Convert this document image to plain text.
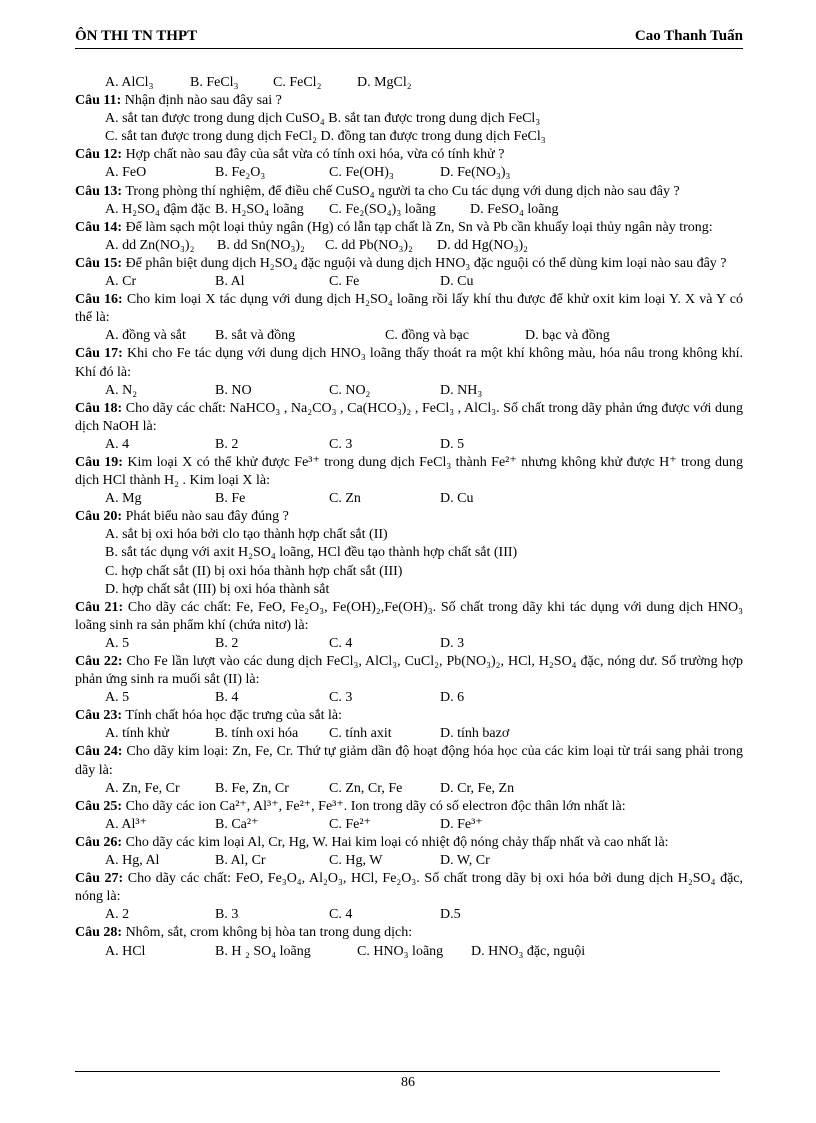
ÔN THI TN THPT	Cao Thanh Tuấn
A. AlCl₃	B. FeCl₃ C. FeCl₂	D. MgCl₂
Câu 11: Nhận định nào sau đây sai ?
A. sắt tan được trong dung dịch CuSO₄ B. sắt tan được trong dung dịch FeCl₃
C. sắt tan được trong dung dịch FeCl₂ D. đồng tan được trong dung dịch FeCl₃
Câu 12: Hợp chất nào sau đây của sắt vừa có tính oxi hóa, vừa có tính khử ?
A. FeO	B. Fe₂O₃	C. Fe(OH)₃	D. Fe(NO₃)₃
Câu 13: Trong phòng thí nghiệm, để điều chế CuSO₄ người ta cho Cu tác dụng với dung dịch nào sau đây ?
A. H₂SO₄ đậm đặc B. H₂SO₄ loãng C. Fe₂(SO₄)₃ loãng D. FeSO₄ loãng
Câu 14: Để làm sạch một loại thủy ngân (Hg) có lẫn tạp chất là Zn, Sn và Pb cần khuấy loại thủy ngân này trong:
A. dd Zn(NO₃)₂ B. dd Sn(NO₃)₂ C. dd Pb(NO₃)₂ D. dd Hg(NO₃)₂
Câu 15: Để phân biệt dung dịch H₂SO₄ đặc nguội và dung dịch HNO₃ đặc nguội có thể dùng kim loại nào sau đây ?
A. Cr	B. Al	C. Fe	D. Cu
Câu 16: Cho kim loại X tác dụng với dung dịch H₂SO₄ loãng rồi lấy khí thu được để khử oxit kim loại Y. X và Y có thể là:
A. đồng và sắt B. sắt và đồng	C. đồng và bạc	D. bạc và đồng
Câu 17: Khi cho Fe tác dụng với dung dịch HNO₃ loãng thấy thoát ra một khí không màu, hóa nâu trong không khí. Khí đó là:
A. N₂	B. NO	C. NO₂	D. NH₃
Câu 18: Cho dãy các chất: NaHCO₃ , Na₂CO₃ , Ca(HCO₃)₂ , FeCl₃ , AlCl₃. Số chất trong dãy phản ứng được với dung dịch NaOH là:
A. 4	B. 2	C. 3	D. 5
Câu 19: Kim loại X có thể khử được Fe³⁺ trong dung dịch FeCl₃ thành Fe²⁺ nhưng không khử được H⁺ trong dung dịch HCl thành H₂ . Kim loại X là:
A. Mg	B. Fe	C. Zn	D. Cu
Câu 20: Phát biểu nào sau đây đúng ?
A. sắt bị oxi hóa bởi clo tạo thành hợp chất sắt (II)
B. sắt tác dụng với axit H₂SO₄ loãng, HCl đều tạo thành hợp chất sắt (III)
C. hợp chất sắt (II) bị oxi hóa thành hợp chất sắt (III)
D. hợp chất sắt (III) bị oxi hóa thành sắt
Câu 21: Cho dãy các chất: Fe, FeO, Fe₂O₃, Fe(OH)₂,Fe(OH)₃. Số chất trong dãy khi tác dụng với dung dịch HNO₃ loãng sinh ra sản phẩm khí (chứa nitơ) là:
A. 5	B. 2	C. 4	D. 3
Câu 22: Cho Fe lần lượt vào các dung dịch FeCl₃, AlCl₃, CuCl₂, Pb(NO₃)₂, HCl, H₂SO₄ đặc, nóng dư. Số trường hợp phản ứng sinh ra muối sắt (II) là:
A. 5	B. 4	C. 3	D. 6
Câu 23: Tính chất hóa học đặc trưng của sắt là:
A. tính khử	B. tính oxi hóa C. tính axit	D. tính bazơ
Câu 24: Cho dãy kim loại: Zn, Fe, Cr. Thứ tự giảm dần độ hoạt động hóa học của các kim loại từ trái sang phải trong dãy là:
A. Zn, Fe, Cr	B. Fe, Zn, Cr	C. Zn, Cr, Fe	D. Cr, Fe, Zn
Câu 25: Cho dãy các ion Ca²⁺, Al³⁺, Fe²⁺, Fe³⁺. Ion trong dãy có số electron độc thân lớn nhất là:
A. Al³⁺	B. Ca²⁺	C. Fe²⁺	D. Fe³⁺
Câu 26: Cho dãy các kim loại Al, Cr, Hg, W. Hai kim loại có nhiệt độ nóng chảy thấp nhất và cao nhất là:
A. Hg, Al	B. Al, Cr	C. Hg, W	D. W, Cr
Câu 27: Cho dãy các chất: FeO, Fe₃O₄, Al₂O₃, HCl, Fe₂O₃. Số chất trong dãy bị oxi hóa bởi dung dịch H₂SO₄ đặc, nóng là:
A. 2	B. 3	C. 4	D.5
Câu 28: Nhôm, sắt, crom không bị hòa tan trong dung dịch:
A. HCl	B. H ₂ SO₄ loãng	C. HNO₃ loãng D. HNO₃ đặc, nguội
86
